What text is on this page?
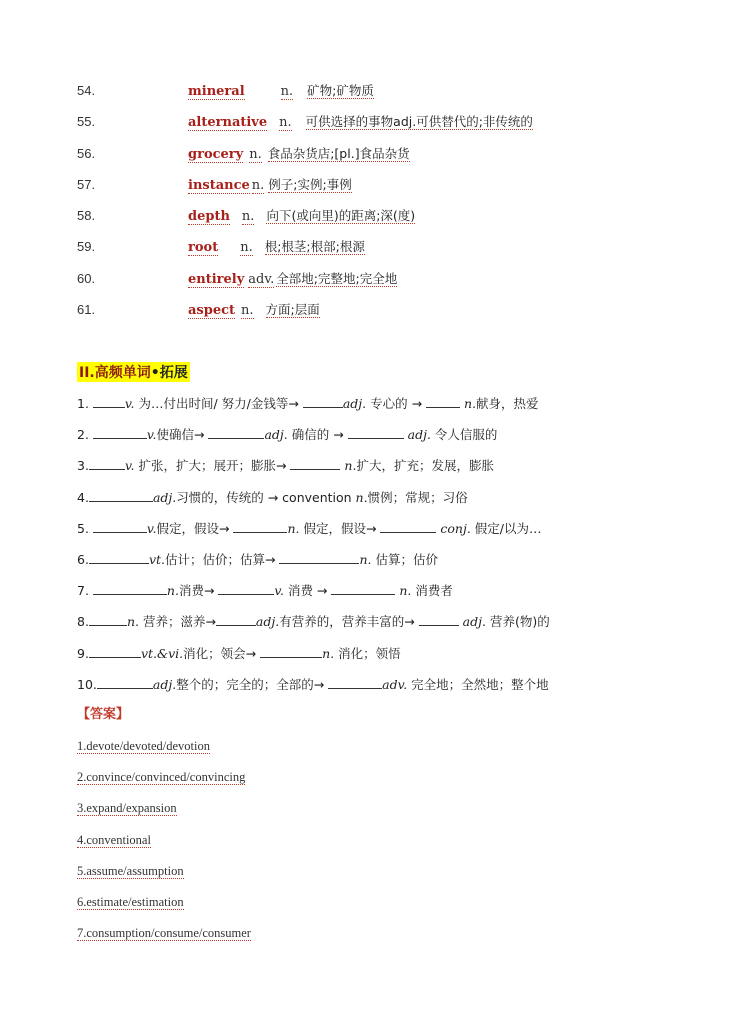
54.	mineral	n. 矿物;矿物质
55.	alternative n. 可供选择的事物adj.可供替代的;非传统的
56.	grocery n. 食品杂货店;[pl.]食品杂货
57.	instance n. 例子;实例;事例
58.	depth n. 向下(或向里)的距离;深(度)
59.	root n. 根;根茎;根部;根源
60.	entirely adv. 全部地;完整地;完全地
61.	aspect n. 方面;层面
II.高频单词•拓展
1.	v. 为…付出时间/ 努力/金钱等→	adj. 专心的 →	n.献身，热爱
2.	v.使确信→	adj. 确信的 →	adj. 令人信服的
3.	v. 扩张，扩大；展开；膨胀→	n.扩大，扩充；发展，膨胀
4.	adj.习惯的，传统的 → convention n.惯例；常规；习俗
5.	v.假定，假设→	n. 假定，假设→	conj. 假定/以为…
6.	vt.估计；估价；估算→	n. 估算；估价
7.	n.消费→	v. 消费 →	n. 消费者
8.	n. 营养；滋养→	adj.有营养的，营养丰富的→	adj. 营养(物)的
9.	vt.&vi.消化；领会→	n. 消化；领悟
10.	adj.整个的；完全的；全部的→	adv. 完全地；全然地；整个地
【答案】
1.devote/devoted/devotion
2.convince/convinced/convincing
3.expand/expansion
4.conventional
5.assume/assumption
6.estimate/estimation
7.consumption/consume/consumer
